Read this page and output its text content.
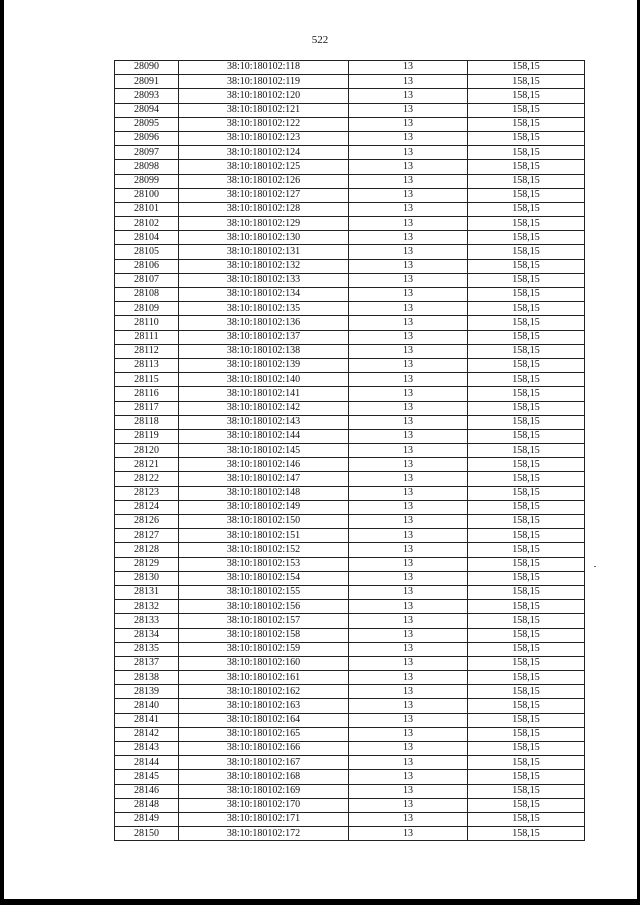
522
28090	38:10:180102:118	13	158,15
28091	38:10:180102:119	13	158,15
28093	38:10:180102:120	13	158,15
28094	38:10:180102:121	13	158,15
28095	38:10:180102:122	13	158,15
28096	38:10:180102:123	13	158,15
28097	38:10:180102:124	13	158,15
28098	38:10:180102:125	13	158,15
28099	38:10:180102:126	13	158,15
28100	38:10:180102:127	13	158,15
28101	38:10:180102:128	13	158,15
28102	38:10:180102:129	13	158,15
28104	38:10:180102:130	13	158,15
28105	38:10:180102:131	13	158,15
28106	38:10:180102:132	13	158,15
28107	38:10:180102:133	13	158,15
28108	38:10:180102:134	13	158,15
28109	38:10:180102:135	13	158,15
28110	38:10:180102:136	13	158,15
28111	38:10:180102:137	13	158,15
28112	38:10:180102:138	13	158,15
28113	38:10:180102:139	13	158,15
28115	38:10:180102:140	13	158,15
28116	38:10:180102:141	13	158,15
28117	38:10:180102:142	13	158,15
28118	38:10:180102:143	13	158,15
28119	38:10:180102:144	13	158,15
28120	38:10:180102:145	13	158,15
28121	38:10:180102:146	13	158,15
28122	38:10:180102:147	13	158,15
28123	38:10:180102:148	13	158,15
28124	38:10:180102:149	13	158,15
28126	38:10:180102:150	13	158,15
28127	38:10:180102:151	13	158,15
28128	38:10:180102:152	13	158,15
28129	38:10:180102:153	13	158,15
28130	38:10:180102:154	13	158,15
28131	38:10:180102:155	13	158,15
28132	38:10:180102:156	13	158,15
28133	38:10:180102:157	13	158,15
28134	38:10:180102:158	13	158,15
28135	38:10:180102:159	13	158,15
28137	38:10:180102:160	13	158,15
28138	38:10:180102:161	13	158,15
28139	38:10:180102:162	13	158,15
28140	38:10:180102:163	13	158,15
28141	38:10:180102:164	13	158,15
28142	38:10:180102:165	13	158,15
28143	38:10:180102:166	13	158,15
28144	38:10:180102:167	13	158,15
28145	38:10:180102:168	13	158,15
28146	38:10:180102:169	13	158,15
28148	38:10:180102:170	13	158,15
28149	38:10:180102:171	13	158,15
28150	38:10:180102:172	13	158,15
